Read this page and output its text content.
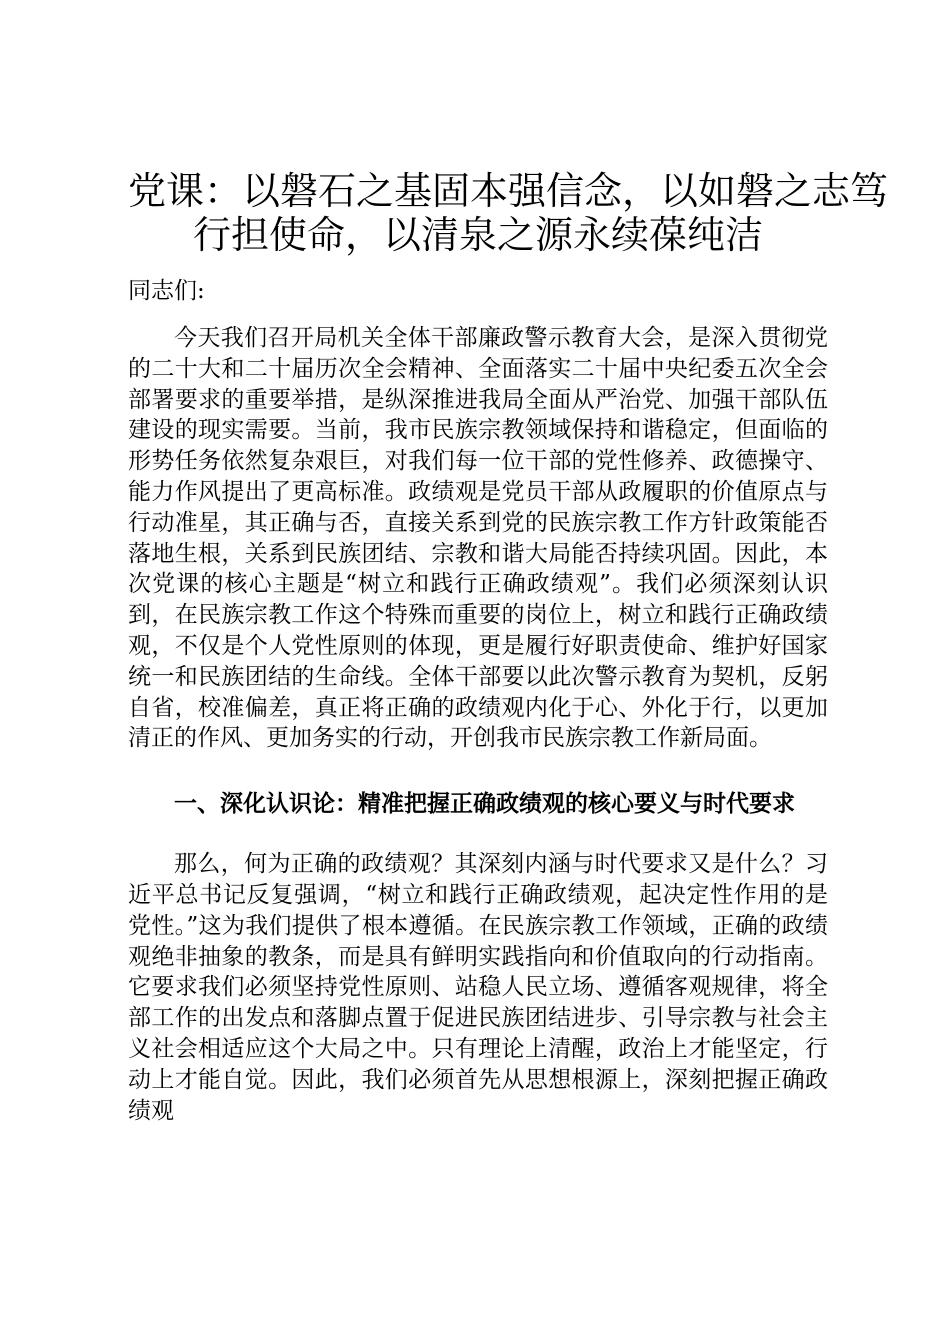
党课：以磐石之基固本强信念，以如磐之志笃
行担使命，以清泉之源永续葆纯洁
同志们:

今天我们召开局机关全体干部廉政警示教育大会，是深入贯彻党的二十大和二十届历次全会精神、全面落实二十届中央纪委五次全会部署要求的重要举措，是纵深推进我局全面从严治党、加强干部队伍建设的现实需要。当前，我市民族宗教领域保持和谐稳定，但面临的形势任务依然复杂艰巨，对我们每一位干部的党性修养、政德操守、能力作风提出了更高标准。政绩观是党员干部从政履职的价值原点与行动准星，其正确与否，直接关系到党的民族宗教工作方针政策能否落地生根，关系到民族团结、宗教和谐大局能否持续巩固。因此，本次党课的核心主题是“树立和践行正确政绩观”。我们必须深刻认识到，在民族宗教工作这个特殊而重要的岗位上，树立和践行正确政绩观，不仅是个人党性原则的体现，更是履行好职责使命、维护好国家统一和民族团结的生命线。全体干部要以此次警示教育为契机，反躬自省，校准偏差，真正将正确的政绩观内化于心、外化于行，以更加清正的作风、更加务实的行动，开创我市民族宗教工作新局面。

一、深化认识论：精准把握正确政绩观的核心要义与时代要求

那么，何为正确的政绩观？其深刻内涵与时代要求又是什么？习近平总书记反复强调，“树立和践行正确政绩观，起决定性作用的是党性。”这为我们提供了根本遵循。在民族宗教工作领域，正确的政绩观绝非抽象的教条，而是具有鲜明实践指向和价值取向的行动指南。它要求我们必须坚持党性原则、站稳人民立场、遵循客观规律，将全部工作的出发点和落脚点置于促进民族团结进步、引导宗教与社会主义社会相适应这个大局之中。只有理论上清醒，政治上才能坚定，行动上才能自觉。因此，我们必须首先从思想根源上，深刻把握正确政绩观
